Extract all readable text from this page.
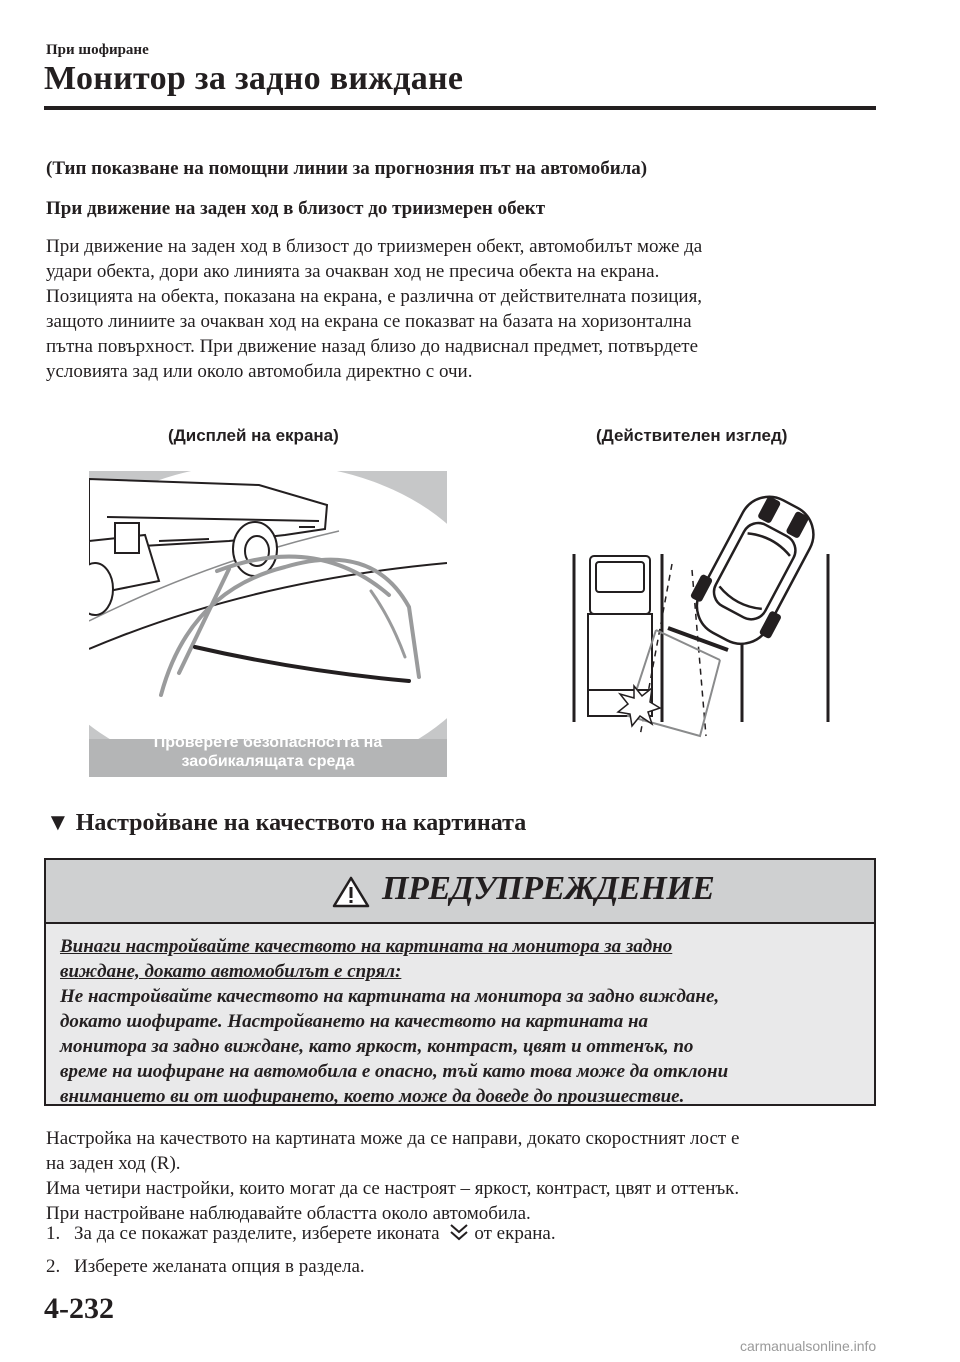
При шофиране
Монитор за задно виждане
(Тип показване на помощни линии за прогнозния път на автомобила)
При движение на заден ход в близост до триизмерен обект
При движение на заден ход в близост до триизмерен обект, автомобилът може да
удари обекта, дори ако линията за очакван ход не пресича обекта на екрана.
Позицията на обекта, показана на екрана, е различна от действителната позиция,
защото линиите за очакван ход на екрана се показват на базата на хоризонтална
пътна повърхност. При движение назад близо до надвиснал предмет, потвърдете
условията зад или около автомобила директно с очи.
(Дисплей на екрана)	(Действителен изглед)
Проверете безопасността на
заобикалящата среда
▼ Настройване на качеството на картината
ПРЕДУПРЕЖДЕНИЕ
Винаги настройвайте качеството на картината на монитора за задно
виждане, докато автомобилът е спрял:
Не настройвайте качеството на картината на монитора за задно виждане,
докато шофирате. Настройването на качеството на картината на
монитора за задно виждане, като яркост, контраст, цвят и оттенък, по
време на шофиране на автомобила е опасно, тъй като това може да отклони
вниманието ви от шофирането, което може да доведе до произшествие.
Настройка на качеството на картината може да се направи, докато скоростният лост е
на заден ход (R).
Има четири настройки, които могат да се настроят – яркост, контраст, цвят и оттенък.
При настройване наблюдавайте областта около автомобила.
1. За да се покажат разделите, изберете иконата от екрана.
2. Изберете желаната опция в раздела.
4-232
carmanualsonline.info
